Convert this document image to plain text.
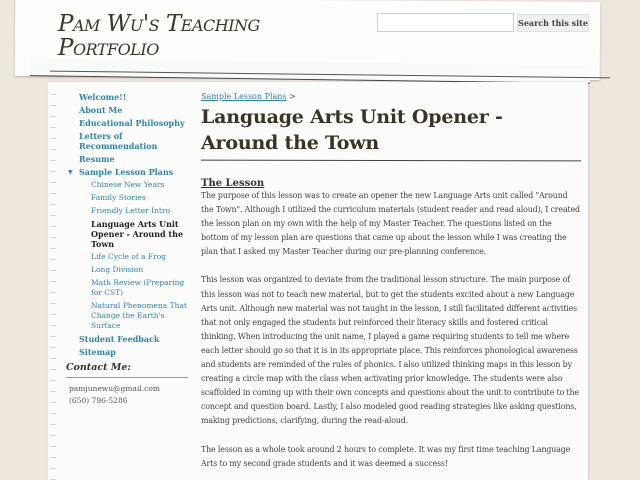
Pam Wu's Teaching Portfolio
Search this site
Welcome!!
About Me
Educational Philosophy
Letters of Recommendation
Resume
▼ Sample Lesson Plans
Chinese New Years
Family Stories
Friendly Letter Intro
Language Arts Unit Opener - Around the Town
Life Cycle of a Frog
Long Division
Math Review (Preparing for CST)
Natural Phenomena That Change the Earth's Surface
Student Feedback
Sitemap
Contact Me:
pamjunewu@gmail.com
(650) 796-5286
Sample Lesson Plans >
Language Arts Unit Opener - Around the Town
The Lesson

The purpose of this lesson was to create an opener the new Language Arts unit called "Around the Town". Although I utilized the curriculum materials (student reader and read aloud), I created the lesson plan on my own with the help of my Master Teacher. The questions listed on the bottom of my lesson plan are questions that came up about the lesson while I was creating the plan that I asked my Master Teacher during our pre-planning conference.

This lesson was organized to deviate from the traditional lesson structure. The main purpose of this lesson was not to teach new material, but to get the students excited about a new Language Arts unit. Although new material was not taught in the lesson, I still facilitated different activities that not only engaged the students but reinforced their literacy skills and fostered critical thinking. When introducing the unit name, I played a game requiring students to tell me where each letter should go so that it is in its appropriate place. This reinforces phonological awareness and students are reminded of the rules of phonics. I also utilized thinking maps in this lesson by creating a circle map with the class when activating prior knowledge. The students were also scaffolded in coming up with their own concepts and questions about the unit to contribute to the concept and question board. Lastly, I also modeled good reading strategies like asking questions, making predictions, clarifying, during the read-aloud.

The lesson as a whole took around 2 hours to complete. It was my first time teaching Language Arts to my second grade students and it was deemed a success!
